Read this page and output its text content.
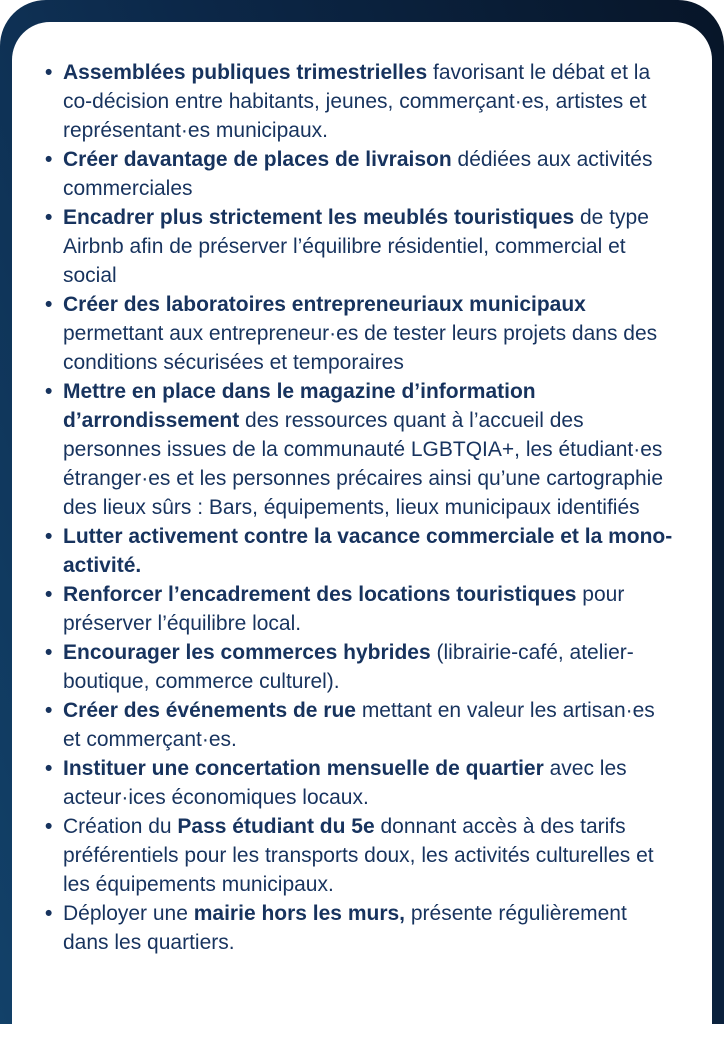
• Assemblées publiques trimestrielles favorisant le débat et la co-décision entre habitants, jeunes, commerçant·es, artistes et représentant·es municipaux.
• Créer davantage de places de livraison dédiées aux activités commerciales
• Encadrer plus strictement les meublés touristiques de type Airbnb afin de préserver l’équilibre résidentiel, commercial et social
• Créer des laboratoires entrepreneuriaux municipaux permettant aux entrepreneur·es de tester leurs projets dans des conditions sécurisées et temporaires
• Mettre en place dans le magazine d’information d’arrondissement des ressources quant à l’accueil des personnes issues de la communauté LGBTQIA+, les étudiant·es étranger·es et les personnes précaires ainsi qu’une cartographie des lieux sûrs : Bars, équipements, lieux municipaux identifiés
• Lutter activement contre la vacance commerciale et la mono-activité.
• Renforcer l’encadrement des locations touristiques pour préserver l’équilibre local.
• Encourager les commerces hybrides (librairie-café, atelier-boutique, commerce culturel).
• Créer des événements de rue mettant en valeur les artisan·es et commerçant·es.
• Instituer une concertation mensuelle de quartier avec les acteur·ices économiques locaux.
• Création du Pass étudiant du 5e donnant accès à des tarifs préférentiels pour les transports doux, les activités culturelles et les équipements municipaux.
• Déployer une mairie hors les murs, présente régulièrement dans les quartiers.
